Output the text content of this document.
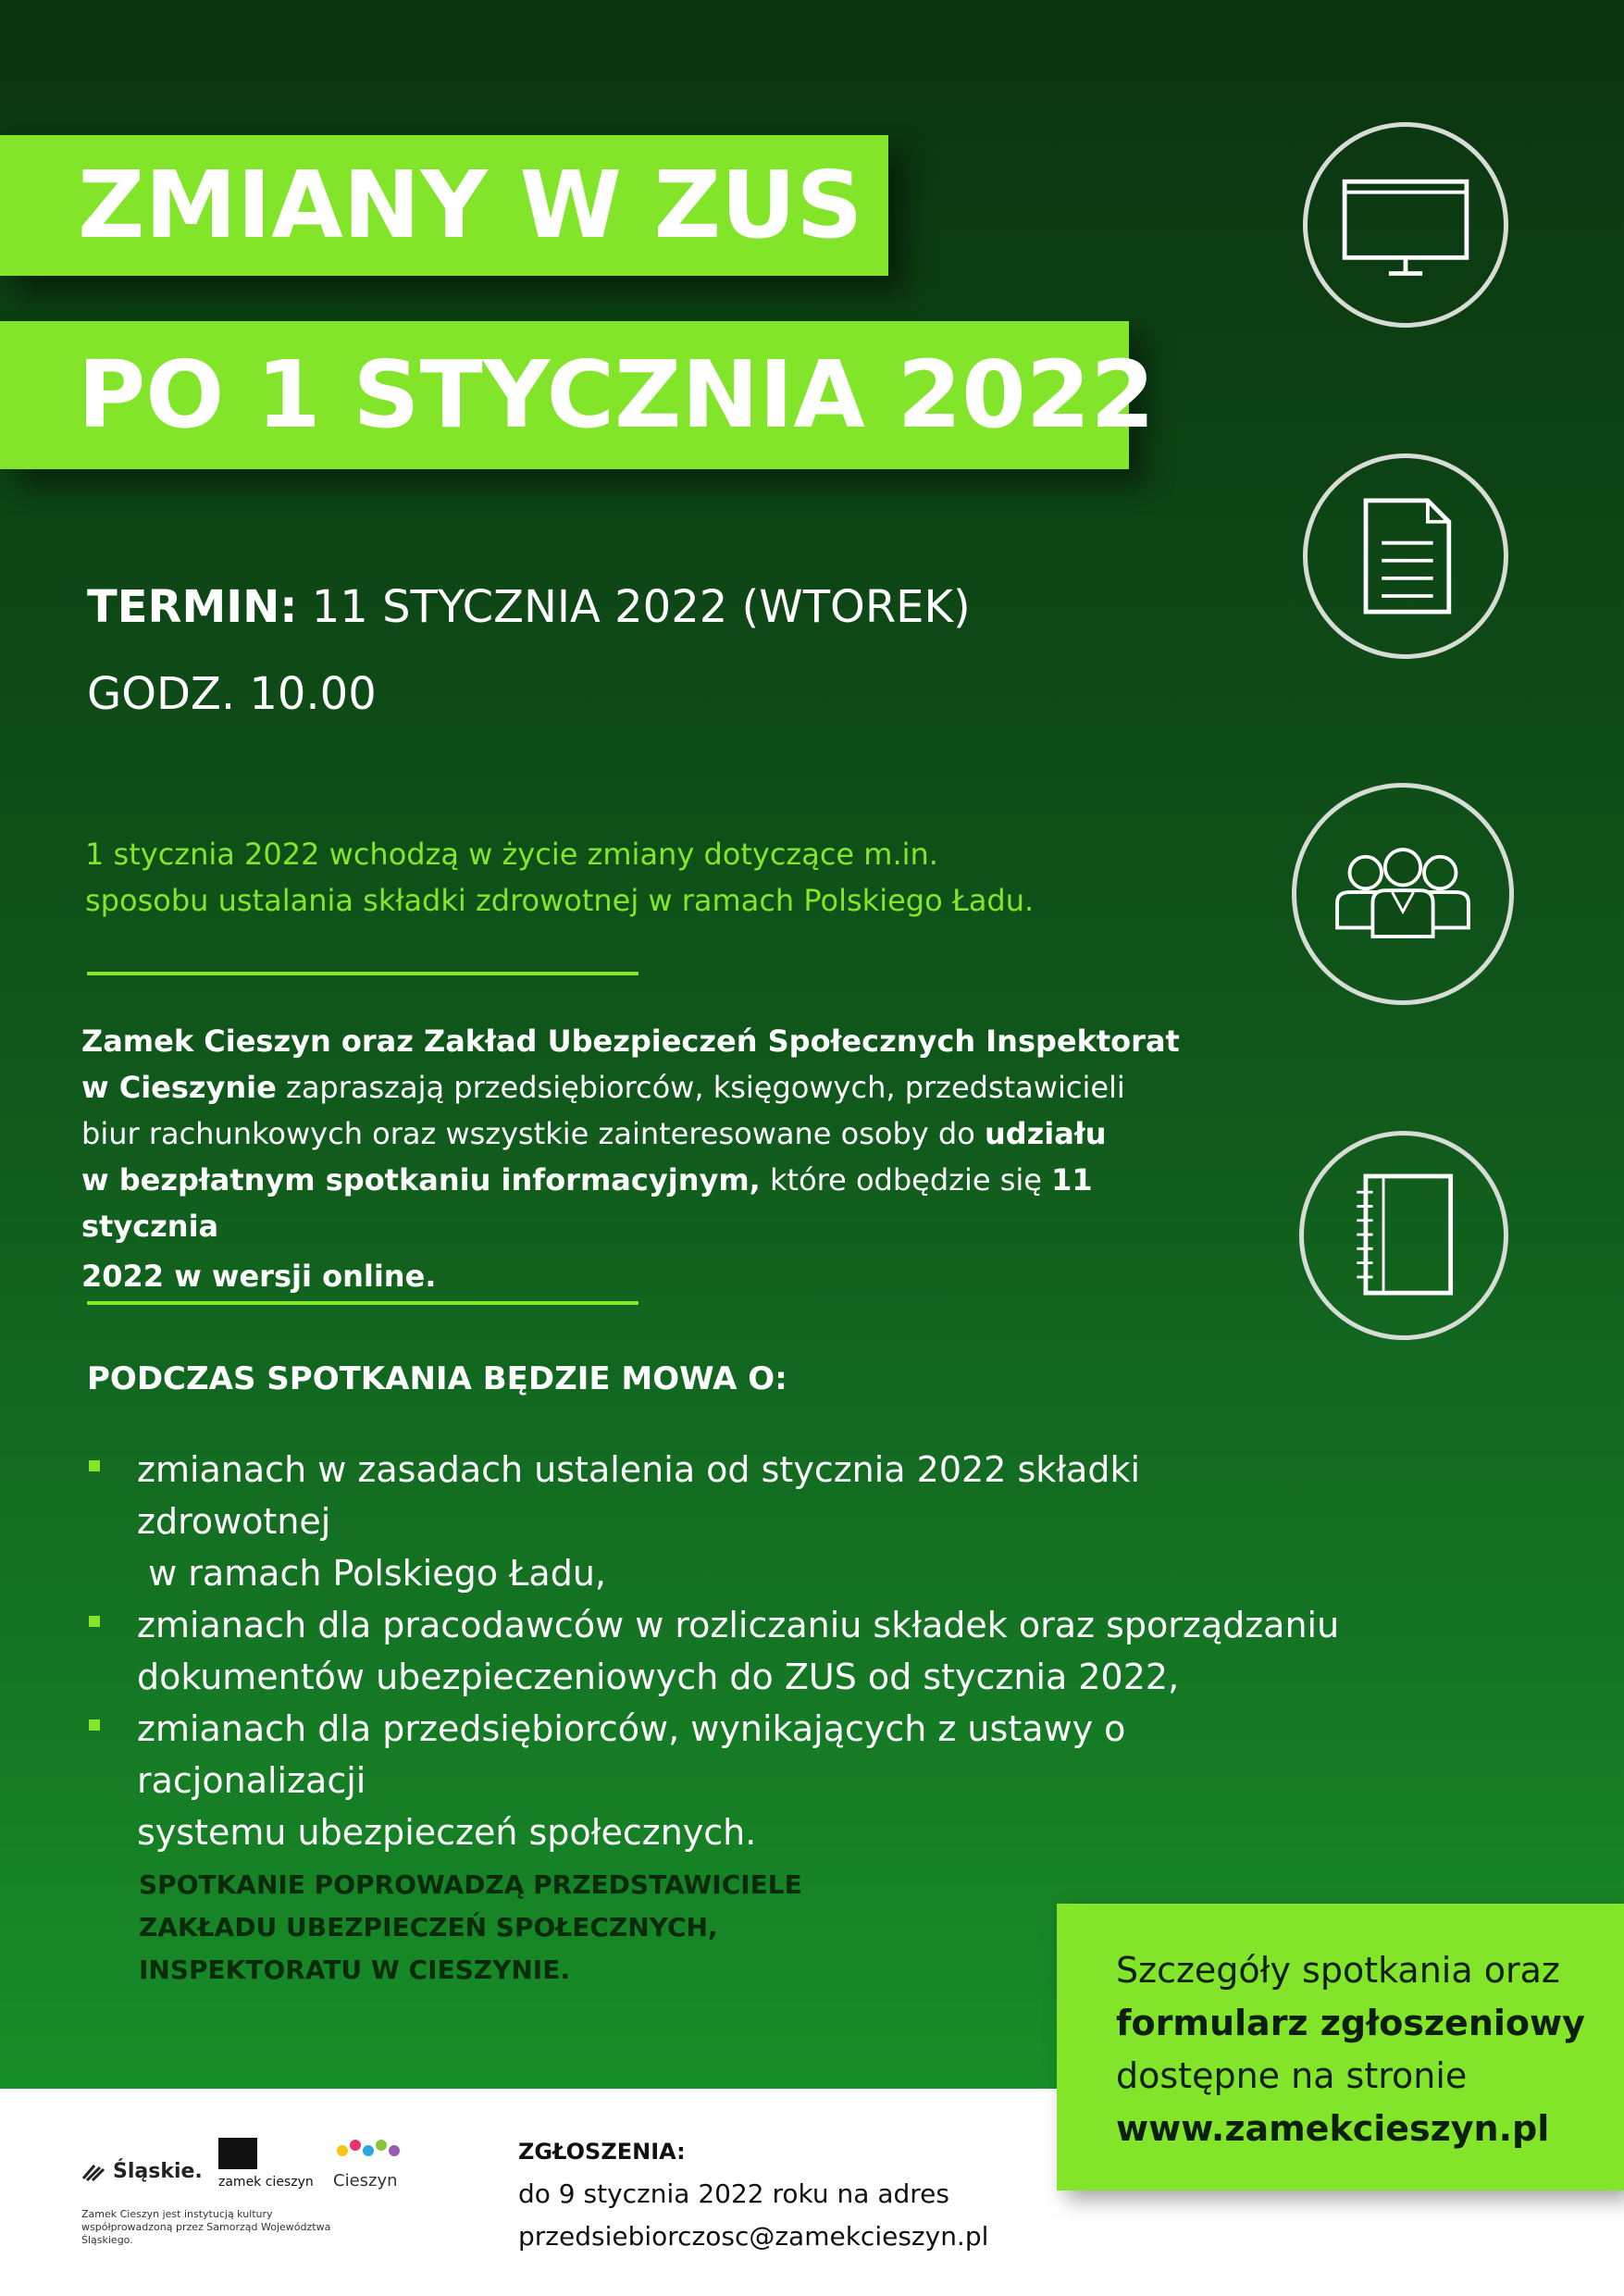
ZMIANY W ZUS
PO 1 STYCZNIA 2022
TERMIN: 11 STYCZNIA 2022 (WTOREK)
GODZ. 10.00
1 stycznia 2022 wchodzą w życie zmiany dotyczące m.in.
sposobu ustalania składki zdrowotnej w ramach Polskiego Ładu.
Zamek Cieszyn oraz Zakład Ubezpieczeń Społecznych Inspektorat
w Cieszynie zapraszają przedsiębiorców, księgowych, przedstawicieli
biur rachunkowych oraz wszystkie zainteresowane osoby do udziału
w bezpłatnym spotkaniu informacyjnym, które odbędzie się 11 stycznia
2022 w wersji online.
PODCZAS SPOTKANIA BĘDZIE MOWA O:
zmianach w zasadach ustalenia od stycznia 2022 składki zdrowotnej
w ramach Polskiego Ładu,
zmianach dla pracodawców w rozliczaniu składek oraz sporządzaniu
dokumentów ubezpieczeniowych do ZUS od stycznia 2022,
zmianach dla przedsiębiorców, wynikających z ustawy o racjonalizacji
systemu ubezpieczeń społecznych.
SPOTKANIE POPROWADZĄ PRZEDSTAWICIELE
ZAKŁADU UBEZPIECZEŃ SPOŁECZNYCH,
INSPEKTORATU W CIESZYNIE.
Śląskie. zamek cieszyn Cieszyn
Zamek Cieszyn jest instytucją kultury współprowadzoną przez Samorząd Województwa Śląskiego.
ZGŁOSZENIA:
do 9 stycznia 2022 roku na adres
przedsiebiorczosc@zamekcieszyn.pl
Szczegóły spotkania oraz
formularz zgłoszeniowy
dostępne na stronie
www.zamekcieszyn.pl
